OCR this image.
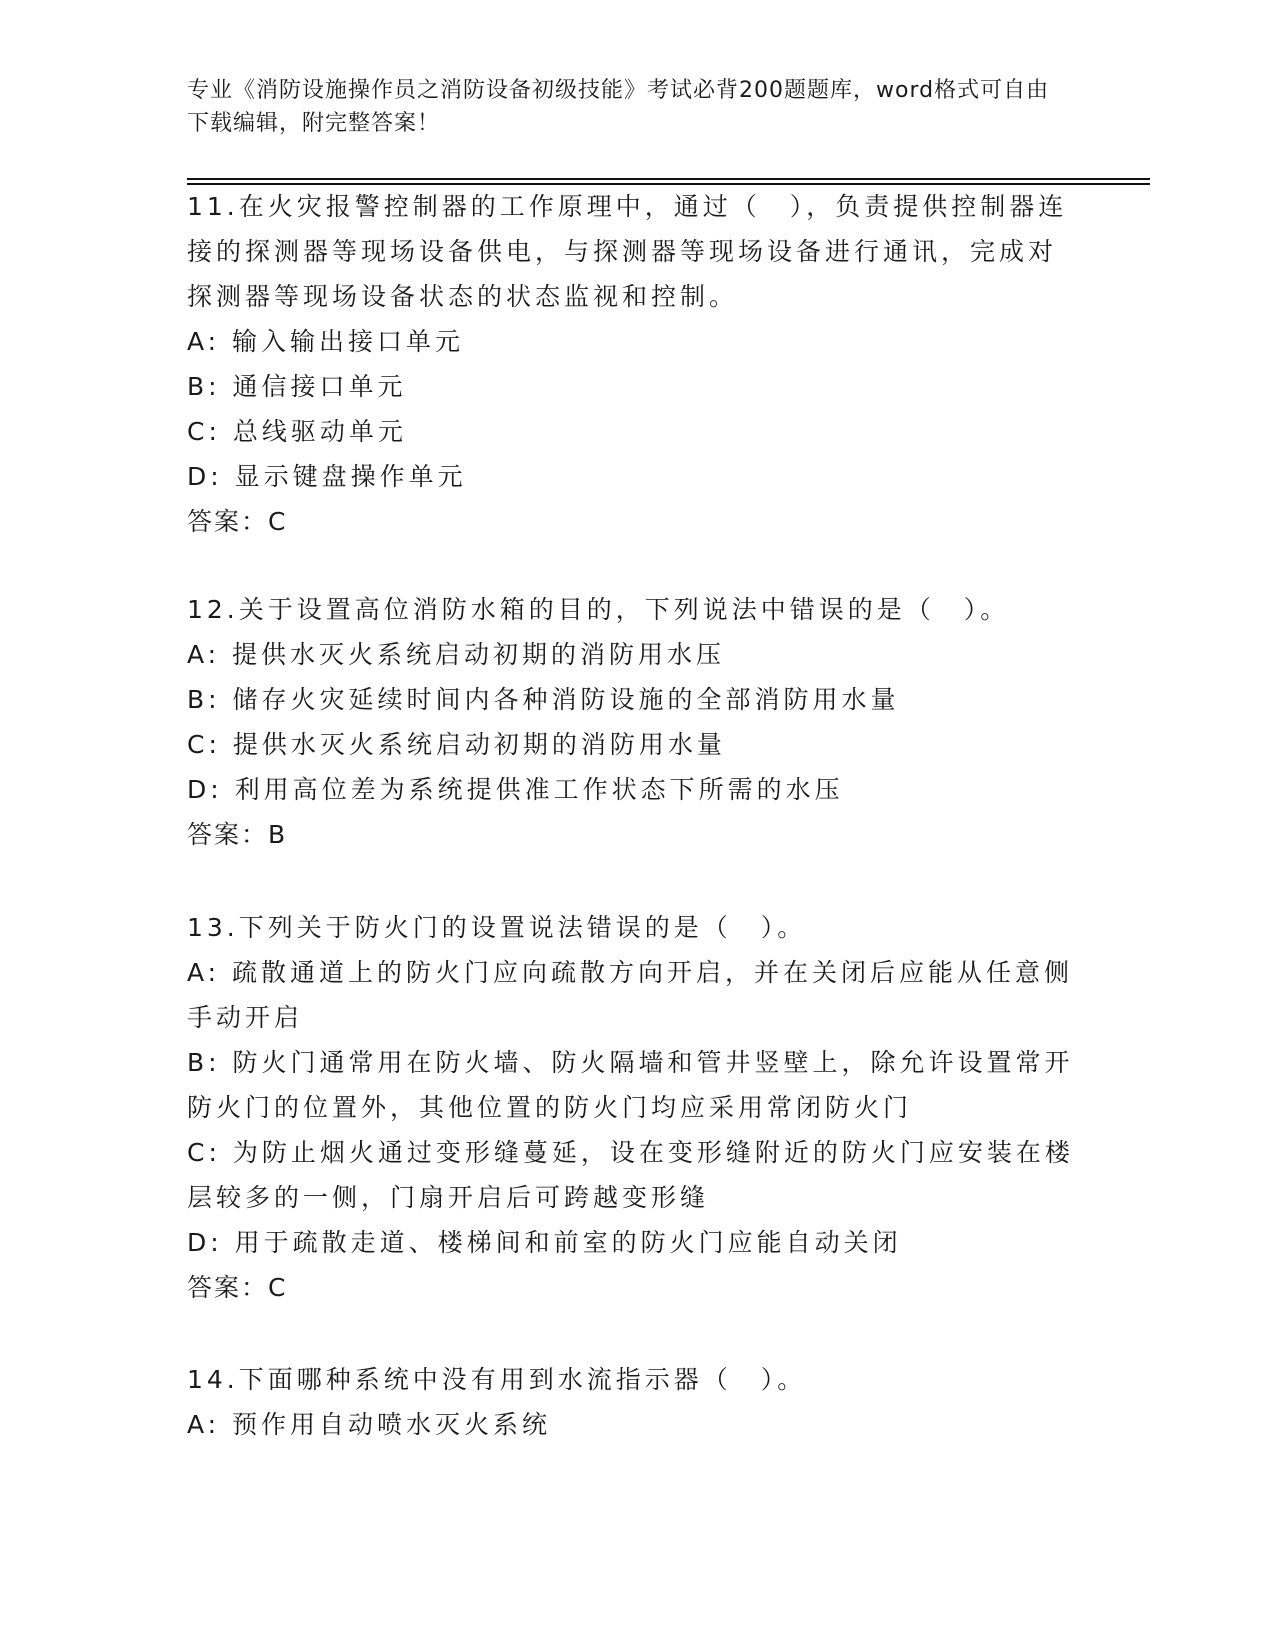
专业《消防设施操作员之消防设备初级技能》考试必背200题题库，word格式可自由下载编辑，附完整答案！

11.在火灾报警控制器的工作原理中，通过（　），负责提供控制器连接的探测器等现场设备供电，与探测器等现场设备进行通讯，完成对探测器等现场设备状态的状态监视和控制。

A: 输入输出接口单元

B: 通信接口单元

C: 总线驱动单元

D: 显示键盘操作单元

答案：C

12.关于设置高位消防水箱的目的，下列说法中错误的是（　）。

A: 提供水灭火系统启动初期的消防用水压

B: 储存火灾延续时间内各种消防设施的全部消防用水量

C: 提供水灭火系统启动初期的消防用水量

D: 利用高位差为系统提供准工作状态下所需的水压

答案：B

13.下列关于防火门的设置说法错误的是（　）。

A: 疏散通道上的防火门应向疏散方向开启，并在关闭后应能从任意侧手动开启

B: 防火门通常用在防火墙、防火隔墙和管井竖壁上，除允许设置常开防火门的位置外，其他位置的防火门均应采用常闭防火门

C: 为防止烟火通过变形缝蔓延，设在变形缝附近的防火门应安装在楼层较多的一侧，门扇开启后可跨越变形缝

D: 用于疏散走道、楼梯间和前室的防火门应能自动关闭

答案：C

14.下面哪种系统中没有用到水流指示器（　）。

A: 预作用自动喷水灭火系统
